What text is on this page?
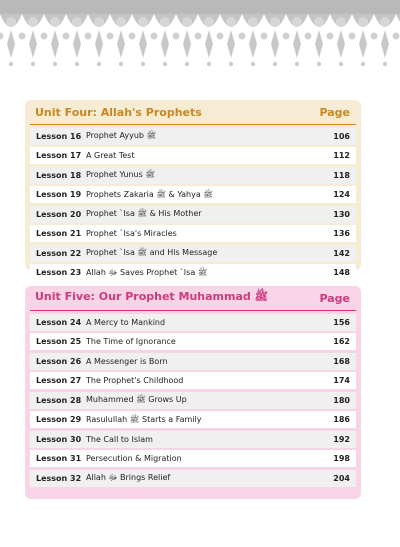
Unit Four: Allah's Prophets	Page
Lesson 16 Prophet Ayyub ﷺ	106
Lesson 17 A Great Test	112
Lesson 18 Prophet Yunus ﷺ	118
Lesson 19 Prophets Zakaria ﷺ & Yahya ﷺ	124
Lesson 20 Prophet `Isa ﷺ & His Mother	130
Lesson 21 Prophet `Isa's Miracles	136
Lesson 22 Prophet `Isa ﷺ and His Message	142
Lesson 23 Allah ﷻ Saves Prophet `Isa ﷺ	148
Unit Five: Our Prophet Muhammad ﷺ	Page
Lesson 24 A Mercy to Mankind	156
Lesson 25 The Time of Ignorance	162
Lesson 26 A Messenger is Born	168
Lesson 27 The Prophet's Childhood	174
Lesson 28 Muhammed ﷺ Grows Up	180
Lesson 29 Rasulullah ﷺ Starts a Family	186
Lesson 30 The Call to Islam	192
Lesson 31 Persecution & Migration	198
Lesson 32 Allah ﷻ Brings Relief	204
